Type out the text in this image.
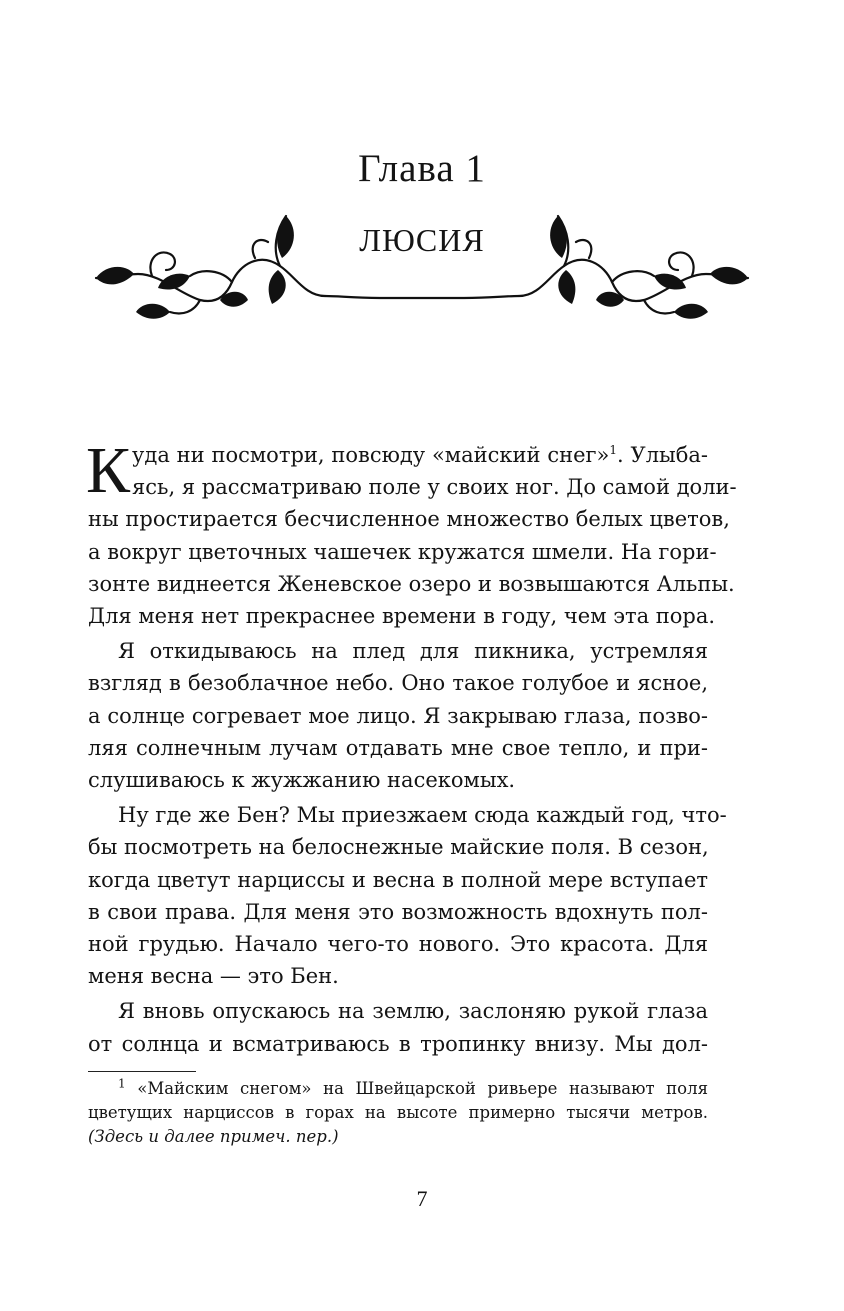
Глава 1
ЛЮСИЯ
К уда ни посмотри, повсюду «майский снег»$^1$. Улыба-
ясь, я рассматриваю поле у своих ног. До самой доли-
ны простирается бесчисленное множество белых цветов,
а вокруг цветочных чашечек кружатся шмели. На гори-
зонте виднеется Женевское озеро и возвышаются Альпы.
Для меня нет прекраснее времени в году, чем эта пора.
Я откидываюсь на плед для пикника, устремляя
взгляд в безоблачное небо. Оно такое голубое и ясное,
а солнце согревает мое лицо. Я закрываю глаза, позво-
ляя солнечным лучам отдавать мне свое тепло, и при-
слушиваюсь к жужжанию насекомых.
Ну где же Бен? Мы приезжаем сюда каждый год, что-
бы посмотреть на белоснежные майские поля. В сезон,
когда цветут нарциссы и весна в полной мере вступает
в свои права. Для меня это возможность вдохнуть пол-
ной грудью. Начало чего-то нового. Это красота. Для
меня весна — это Бен.
Я вновь опускаюсь на землю, заслоняю рукой глаза
от солнца и всматриваюсь в тропинку внизу. Мы дол-
$^1$ «Майским снегом» на Швейцарской ривьере называют поля
цветущих нарциссов в горах на высоте примерно тысячи метров.
(Здесь и далее примеч. пер.)
7
